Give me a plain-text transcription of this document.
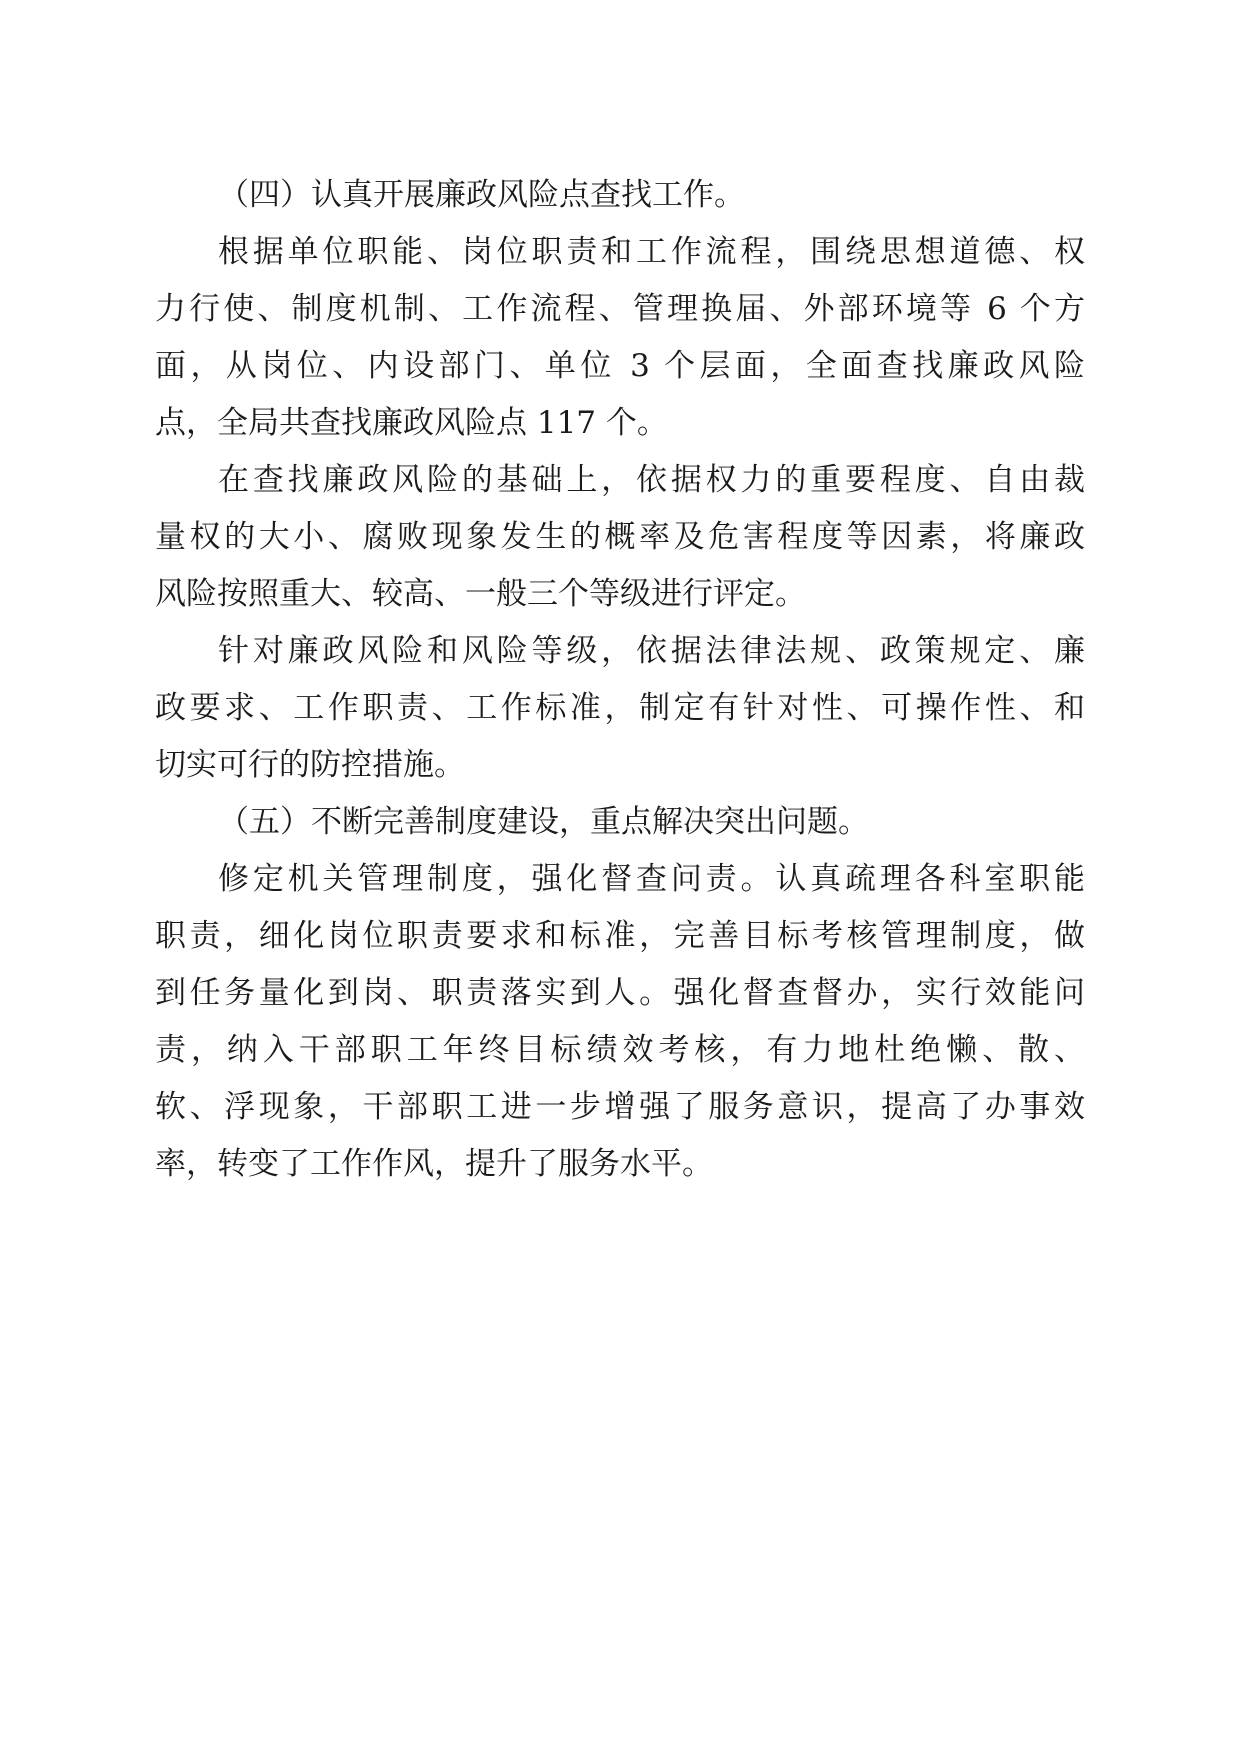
（四）认真开展廉政风险点查找工作。

根据单位职能、岗位职责和工作流程，围绕思想道德、权

力行使、制度机制、工作流程、管理换届、外部环境等 6 个方

面，从岗位、内设部门、单位 3 个层面，全面查找廉政风险

点，全局共查找廉政风险点 117 个。

在查找廉政风险的基础上，依据权力的重要程度、自由裁

量权的大小、腐败现象发生的概率及危害程度等因素，将廉政

风险按照重大、较高、一般三个等级进行评定。

针对廉政风险和风险等级，依据法律法规、政策规定、廉

政要求、工作职责、工作标准，制定有针对性、可操作性、和

切实可行的防控措施。

（五）不断完善制度建设，重点解决突出问题。

修定机关管理制度，强化督查问责。认真疏理各科室职能

职责，细化岗位职责要求和标准，完善目标考核管理制度，做

到任务量化到岗、职责落实到人。强化督查督办，实行效能问

责，纳入干部职工年终目标绩效考核，有力地杜绝懒、散、

软、浮现象，干部职工进一步增强了服务意识，提高了办事效

率，转变了工作作风，提升了服务水平。
